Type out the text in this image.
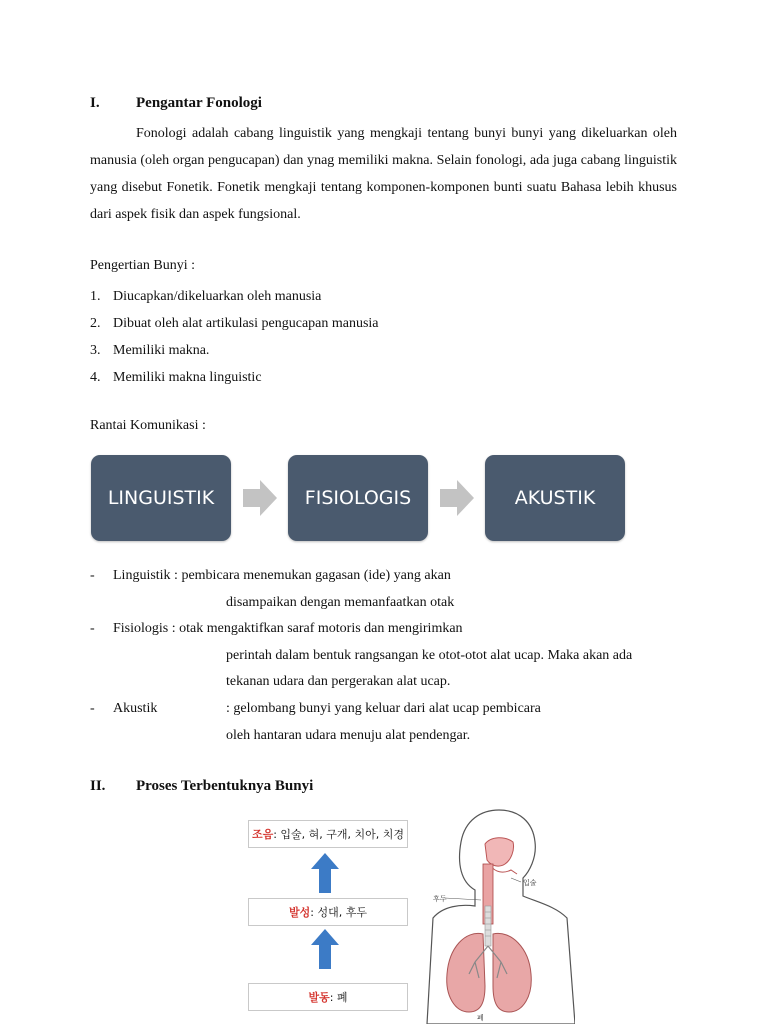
I. Pengantar Fonologi

Fonologi adalah cabang linguistik yang mengkaji tentang bunyi bunyi yang dikeluarkan oleh manusia (oleh organ pengucapan) dan ynag memiliki makna. Selain fonologi, ada juga cabang linguistik yang disebut Fonetik. Fonetik mengkaji tentang komponen-komponen bunti suatu Bahasa lebih khusus dari aspek fisik dan aspek fungsional.

Pengertian Bunyi :

1. Diucapkan/dikeluarkan oleh manusia
2. Dibuat oleh alat artikulasi pengucapan manusia
3. Memiliki makna.
4. Memiliki makna linguistic

Rantai Komunikasi :

LINGUISTIK	FISIOLOGIS	AKUSTIK
- Linguistik : pembicara menemukan gagasan (ide) yang akan
disampaikan dengan memanfaatkan otak
- Fisiologis : otak mengaktifkan saraf motoris dan mengirimkan
perintah dalam bentuk rangsangan ke otot-otot alat ucap. Maka akan ada
tekanan udara dan pergerakan alat ucap.
- Akustik	: gelombang bunyi yang keluar dari alat ucap pembicara
oleh hantaran udara menuju alat pendengar.

II. Proses Terbentuknya Bunyi

조음 : 입술, 혀, 구개, 치아, 치경
발성 : 성대, 후두
발동 : 폐
입술
후두
폐
